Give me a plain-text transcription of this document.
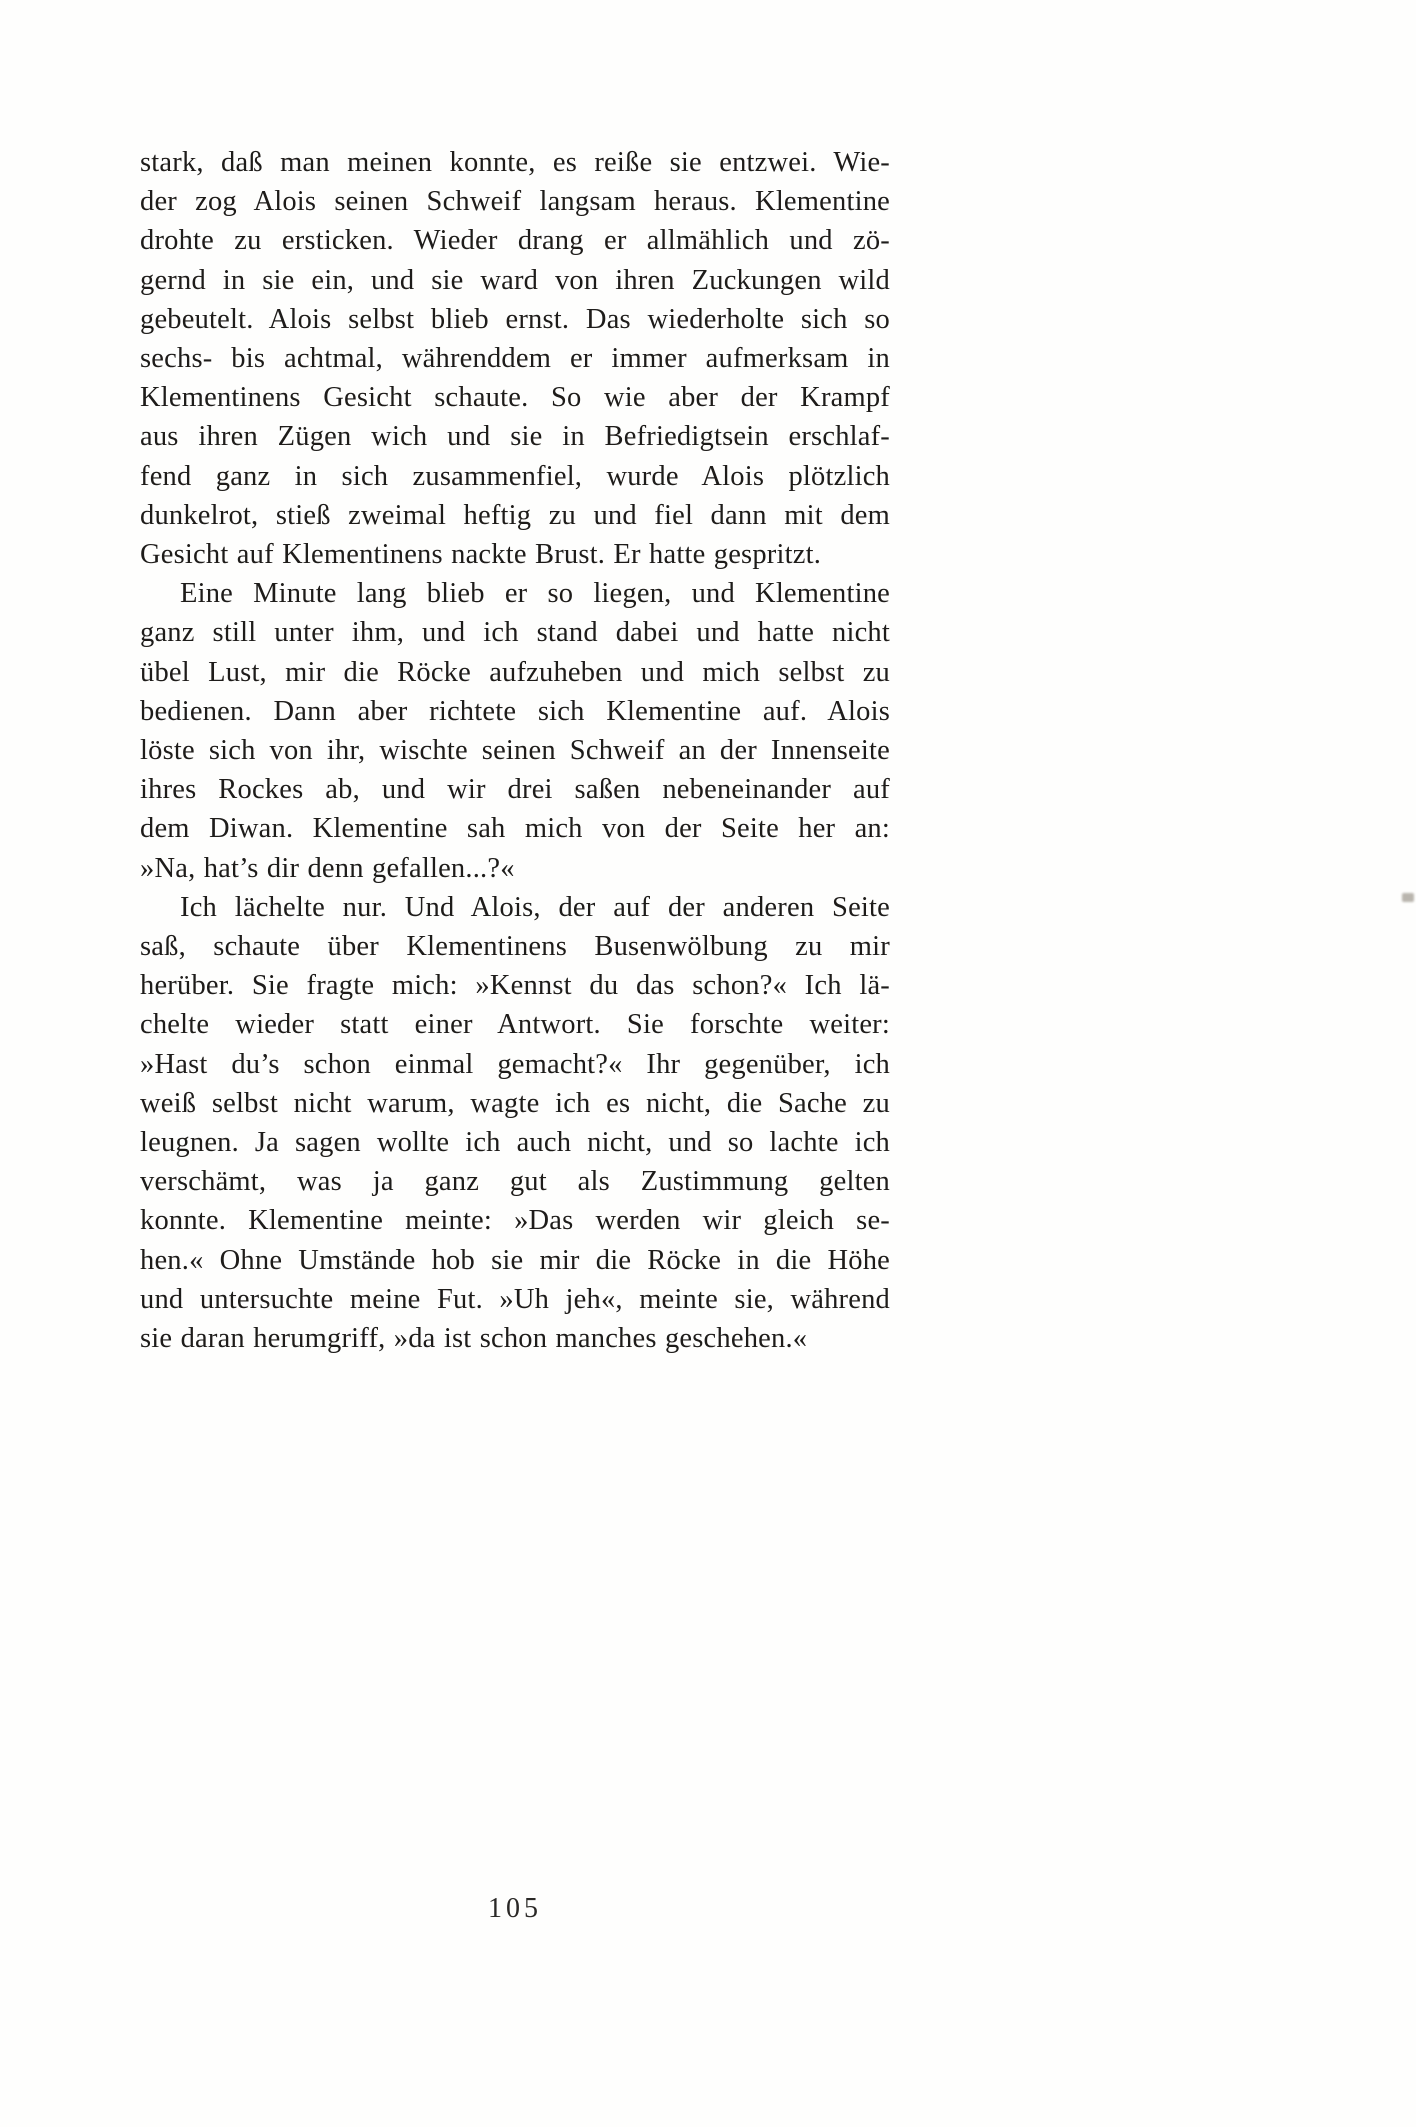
stark, daß man meinen konnte, es reiße sie entzwei. Wie-
der zog Alois seinen Schweif langsam heraus. Klementine
drohte zu ersticken. Wieder drang er allmählich und zö-
gernd in sie ein, und sie ward von ihren Zuckungen wild
gebeutelt. Alois selbst blieb ernst. Das wiederholte sich so
sechs- bis achtmal, währenddem er immer aufmerksam in
Klementinens Gesicht schaute. So wie aber der Krampf
aus ihren Zügen wich und sie in Befriedigtsein erschlaf-
fend ganz in sich zusammenfiel, wurde Alois plötzlich
dunkelrot, stieß zweimal heftig zu und fiel dann mit dem
Gesicht auf Klementinens nackte Brust. Er hatte gespritzt.
Eine Minute lang blieb er so liegen, und Klementine
ganz still unter ihm, und ich stand dabei und hatte nicht
übel Lust, mir die Röcke aufzuheben und mich selbst zu
bedienen. Dann aber richtete sich Klementine auf. Alois
löste sich von ihr, wischte seinen Schweif an der Innenseite
ihres Rockes ab, und wir drei saßen nebeneinander auf
dem Diwan. Klementine sah mich von der Seite her an:
»Na, hat’s dir denn gefallen...?«
Ich lächelte nur. Und Alois, der auf der anderen Seite
saß, schaute über Klementinens Busenwölbung zu mir
herüber. Sie fragte mich: »Kennst du das schon?« Ich lä-
chelte wieder statt einer Antwort. Sie forschte weiter:
»Hast du’s schon einmal gemacht?« Ihr gegenüber, ich
weiß selbst nicht warum, wagte ich es nicht, die Sache zu
leugnen. Ja sagen wollte ich auch nicht, und so lachte ich
verschämt, was ja ganz gut als Zustimmung gelten
konnte. Klementine meinte: »Das werden wir gleich se-
hen.« Ohne Umstände hob sie mir die Röcke in die Höhe
und untersuchte meine Fut. »Uh jeh«, meinte sie, während
sie daran herumgriff, »da ist schon manches geschehen.«
105
